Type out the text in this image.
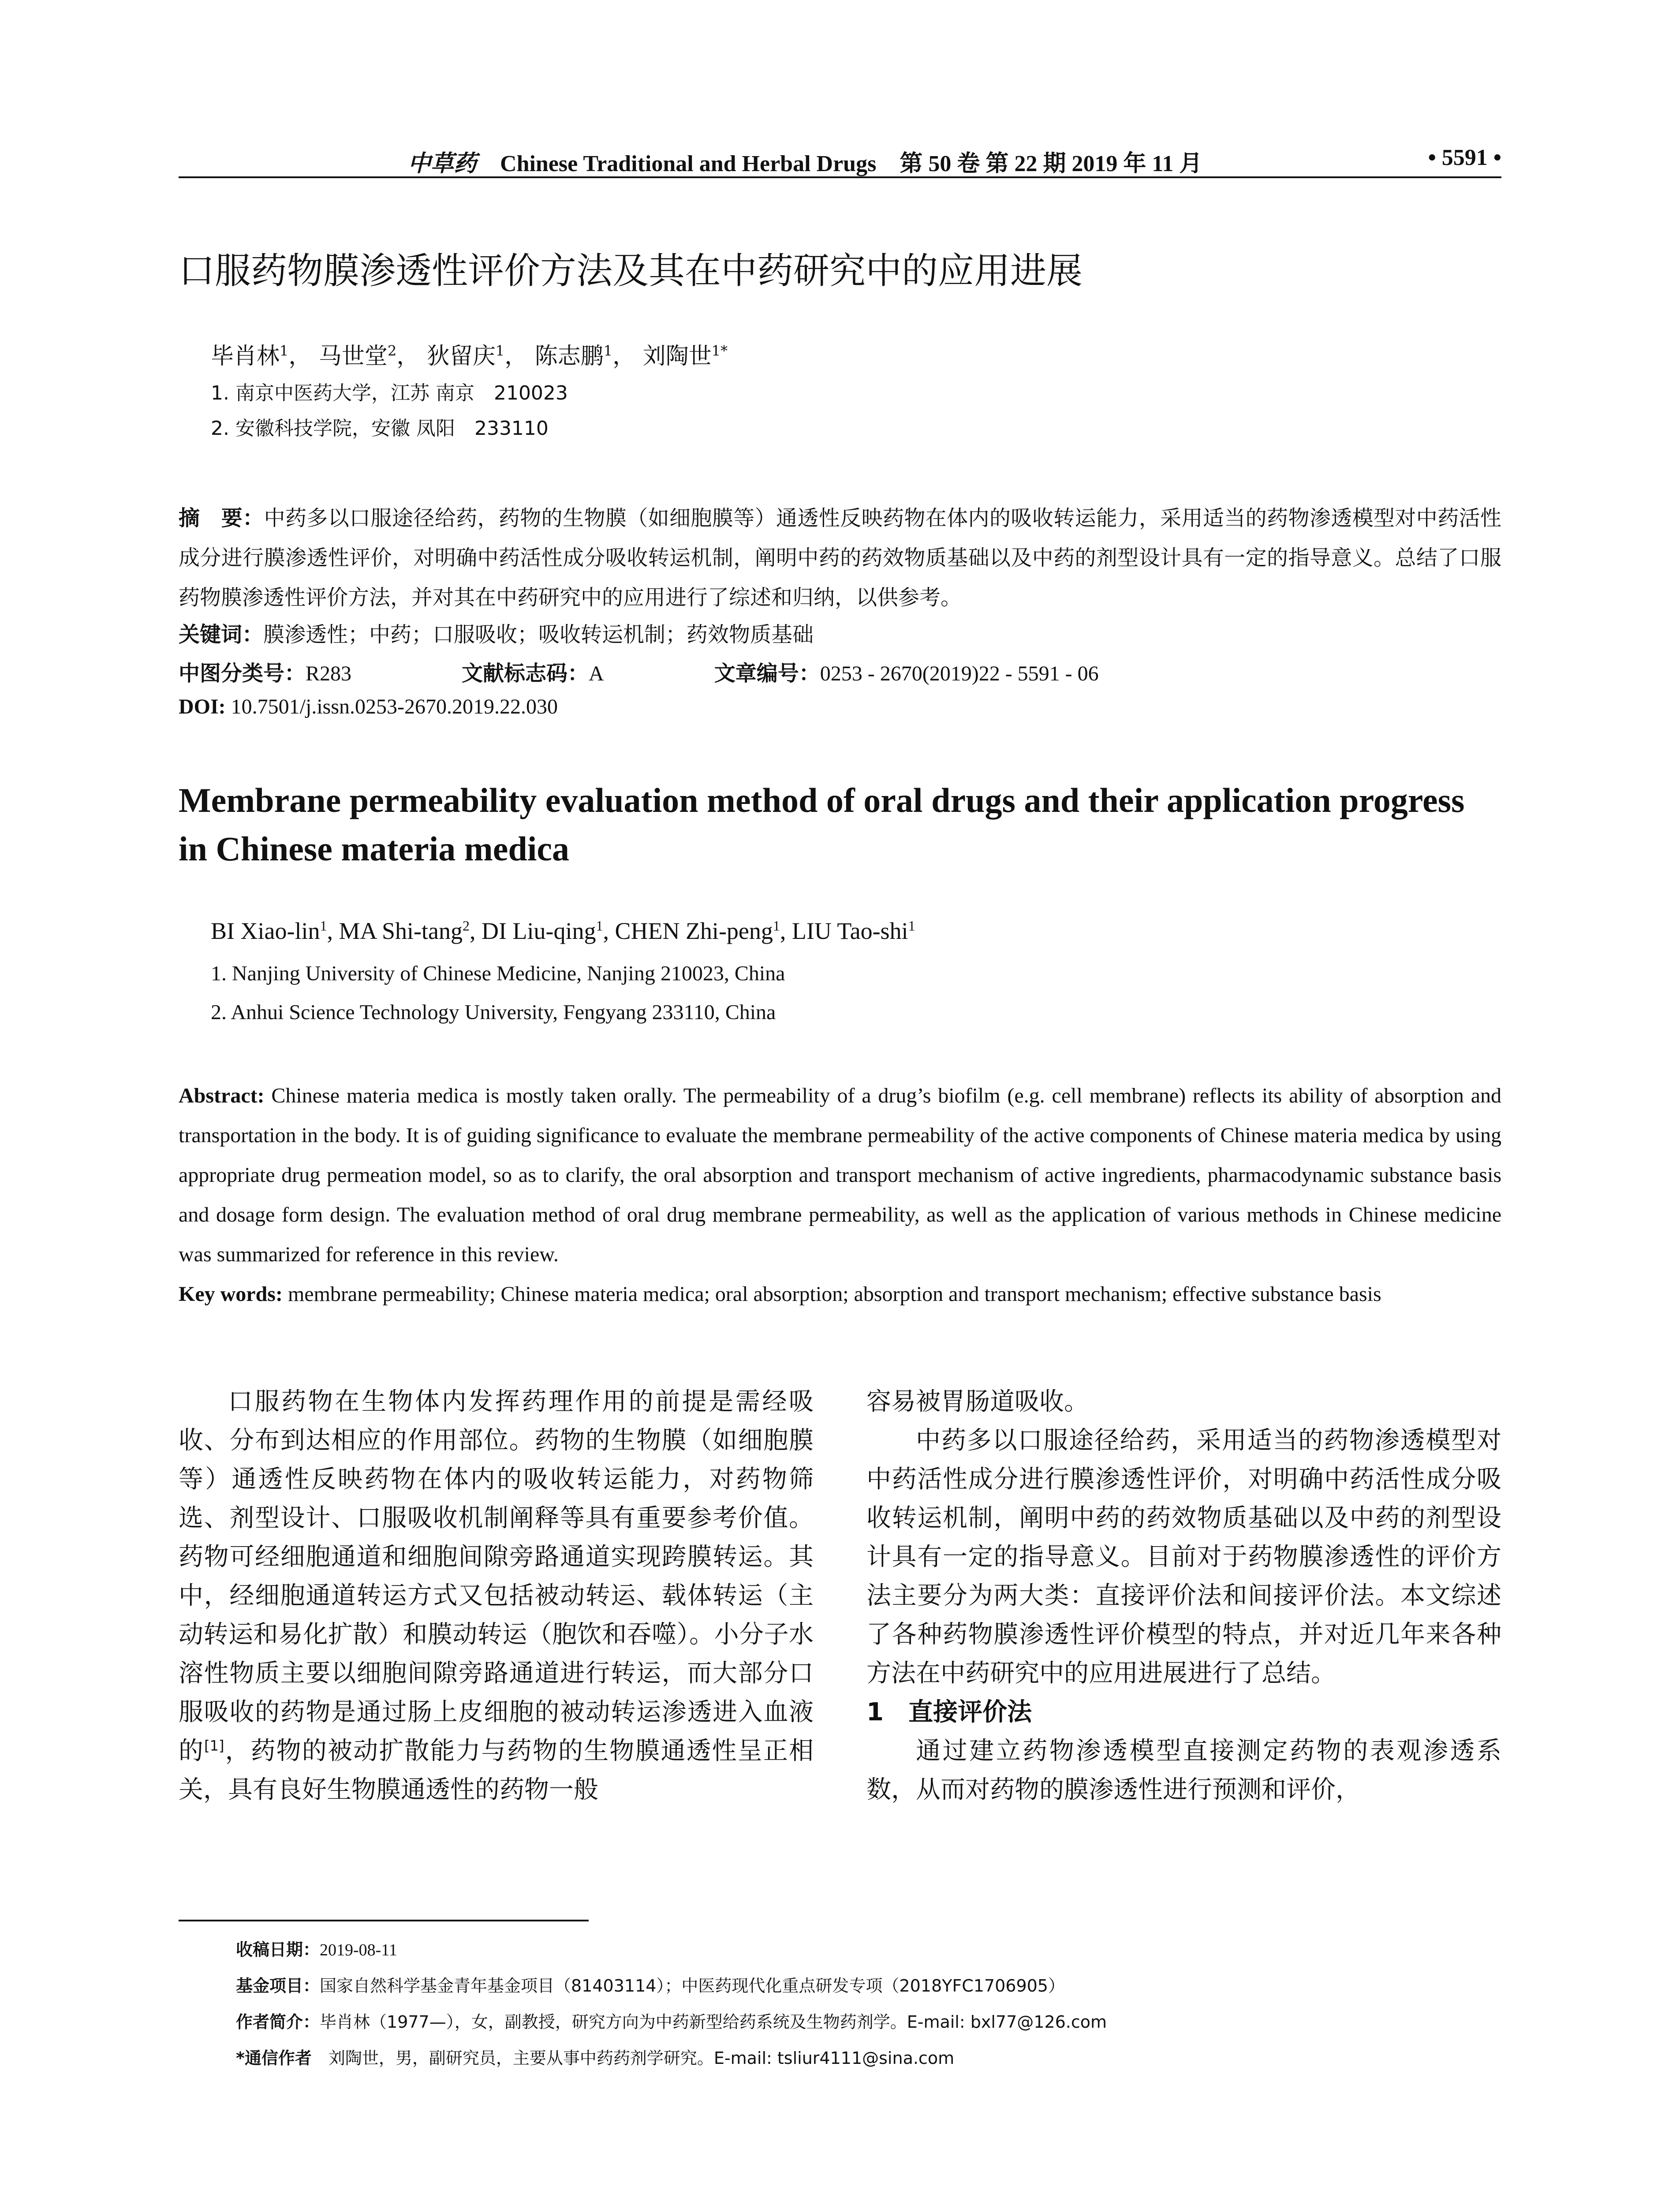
中草药 Chinese Traditional and Herbal Drugs 第 50 卷 第 22 期 2019 年 11 月	• 5591 •
口服药物膜渗透性评价方法及其在中药研究中的应用进展
毕肖林$^1$， 马世堂$^2$， 狄留庆$^1$， 陈志鹏$^1$， 刘陶世$^{1*}$
1. 南京中医药大学，江苏 南京　210023
2. 安徽科技学院，安徽 凤阳　233110
摘　要：中药多以口服途径给药，药物的生物膜（如细胞膜等）通透性反映药物在体内的吸收转运能力，采用适当的药物渗透模型对中药活性成分进行膜渗透性评价，对明确中药活性成分吸收转运机制，阐明中药的药效物质基础以及中药的剂型设计具有一定的指导意义。总结了口服药物膜渗透性评价方法，并对其在中药研究中的应用进行了综述和归纳，以供参考。
关键词：膜渗透性；中药；口服吸收；吸收转运机制；药效物质基础
中图分类号：R283	文献标志码：A	文章编号：0253 - 2670(2019)22 - 5591 - 06
DOI: 10.7501/j.issn.0253-2670.2019.22.030
Membrane permeability evaluation method of oral drugs and their application progress in Chinese materia medica
BI Xiao-lin$^1$, MA Shi-tang$^2$, DI Liu-qing$^1$, CHEN Zhi-peng$^1$, LIU Tao-shi$^1$
1. Nanjing University of Chinese Medicine, Nanjing 210023, China
2. Anhui Science Technology University, Fengyang 233110, China
Abstract: Chinese materia medica is mostly taken orally. The permeability of a drug’s biofilm (e.g. cell membrane) reflects its ability of absorption and transportation in the body. It is of guiding significance to evaluate the membrane permeability of the active components of Chinese materia medica by using appropriate drug permeation model, so as to clarify, the oral absorption and transport mechanism of active ingredients, pharmacodynamic substance basis and dosage form design. The evaluation method of oral drug membrane permeability, as well as the application of various methods in Chinese medicine was summarized for reference in this review.
Key words: membrane permeability; Chinese materia medica; oral absorption; absorption and transport mechanism; effective substance basis

口服药物在生物体内发挥药理作用的前提是需经吸收、分布到达相应的作用部位。药物的生物膜（如细胞膜等）通透性反映药物在体内的吸收转运能力，对药物筛选、剂型设计、口服吸收机制阐释等具有重要参考价值。药物可经细胞通道和细胞间隙旁路通道实现跨膜转运。其中，经细胞通道转运方式又包括被动转运、载体转运（主动转运和易化扩散）和膜动转运（胞饮和吞噬）。小分子水溶性物质主要以细胞间隙旁路通道进行转运，而大部分口服吸收的药物是通过肠上皮细胞的被动转运渗透进入血液的[1]，药物的被动扩散能力与药物的生物膜通透性呈正相关，具有良好生物膜通透性的药物一般

容易被胃肠道吸收。

中药多以口服途径给药，采用适当的药物渗透模型对中药活性成分进行膜渗透性评价，对明确中药活性成分吸收转运机制，阐明中药的药效物质基础以及中药的剂型设计具有一定的指导意义。目前对于药物膜渗透性的评价方法主要分为两大类：直接评价法和间接评价法。本文综述了各种药物膜渗透性评价模型的特点，并对近几年来各种方法在中药研究中的应用进展进行了总结。

1　直接评价法

通过建立药物渗透模型直接测定药物的表观渗透系数，从而对药物的膜渗透性进行预测和评价，

收稿日期：2019-08-11
基金项目：国家自然科学基金青年基金项目（81403114）；中医药现代化重点研发专项（2018YFC1706905）
作者简介：毕肖林（1977—），女，副教授，研究方向为中药新型给药系统及生物药剂学。E-mail: bxl77@126.com
*通信作者　刘陶世，男，副研究员，主要从事中药药剂学研究。E-mail: tsliur4111@sina.com
